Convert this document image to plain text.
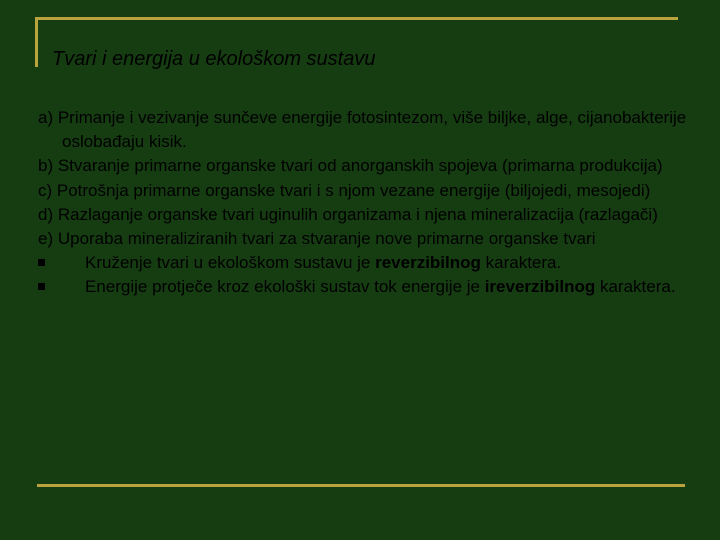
Tvari i energija u ekološkom sustavu

a) Primanje i vezivanje sunčeve energije fotosintezom, više biljke, alge, cijanobakterije oslobađaju kisik.

b) Stvaranje primarne organske tvari od anorganskih spojeva (primarna produkcija)

c) Potrošnja primarne organske tvari i s njom vezane energije (biljojedi, mesojedi)

d) Razlaganje organske tvari uginulih organizama i njena mineralizacija (razlagači)

e) Uporaba mineraliziranih tvari za stvaranje nove primarne organske tvari

Kruženje tvari u ekološkom sustavu je reverzibilnog karaktera.

Energije protječe kroz ekološki sustav tok energije je ireverzibilnog karaktera.
